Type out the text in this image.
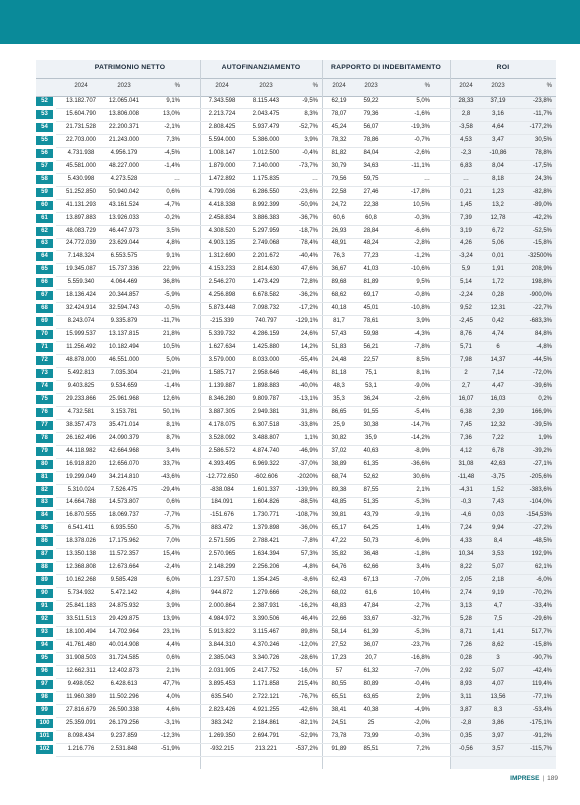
PATRIMONIO NETTO	AUTOFINANZIAMENTO	RAPPORTO DI INDEBITAMENTO	ROI
2024	2023	%	2024	2023	%	2024	2023	%	2024	2023	%
52	13.182.707	12.065.041	9,1%	7.343.598	8.115.443	-9,5%	62,19	59,22	5,0%	28,33	37,19	-23,8%
53	15.604.790	13.806.008	13,0%	2.213.724	2.043.475	8,3%	78,07	79,36	-1,6%	2,8	3,16	-11,7%
54	21.731.528	22.200.371	-2,1%	2.808.425	5.937.479	-52,7%	45,24	56,07	-19,3%	-3,58	4,64	-177,2%
55	22.703.000	21.243.000	7,3%	5.594.000	5.386.000	3,9%	78,32	78,86	-0,7%	4,53	3,47	30,5%
56	4.731.938	4.956.179	-4,5%	1.008.147	1.012.500	-0,4%	81,82	84,04	-2,6%	-2,3	-10,86	78,8%
57	45.581.000	48.227.000	-1,4%	1.879.000	7.140.000	-73,7%	30,79	34,63	-11,1%	6,83	8,04	-17,5%
58	5.430.998	4.273.528	…	1.472.892	1.175.835	…	79,56	59,75	…	…	8,18	24,3%
59	51.252.850	50.940.042	0,6%	4.799.036	6.286.550	-23,6%	22,58	27,46	-17,8%	0,21	1,23	-82,8%
60	41.131.293	43.161.524	-4,7%	4.418.338	8.992.399	-50,9%	24,72	22,38	10,5%	1,45	13,2	-89,0%
61	13.897.883	13.926.033	-0,2%	2.458.834	3.886.383	-36,7%	60,6	60,8	-0,3%	7,39	12,78	-42,2%
62	48.083.729	46.447.973	3,5%	4.308.520	5.297.959	-18,7%	26,93	28,84	-6,6%	3,19	6,72	-52,5%
63	24.772.039	23.629.044	4,8%	4.903.135	2.749.068	78,4%	48,91	48,24	-2,8%	4,26	5,06	-15,8%
64	7.148.324	6.553.575	9,1%	1.312.690	2.201.672	-40,4%	76,3	77,23	-1,2%	-3,24	0,01	-32500%
65	19.345.087	15.737.336	22,9%	4.153.233	2.814.630	47,6%	36,67	41,03	-10,6%	5,9	1,91	208,9%
66	5.559.340	4.064.469	36,8%	2.546.270	1.473.429	72,8%	89,68	81,89	9,5%	5,14	1,72	198,8%
67	18.136.424	20.344.857	-5,9%	4.256.898	6.678.582	-36,2%	68,62	69,17	-0,8%	-2,24	0,28	-900,0%
68	32.424.914	32.594.743	-0,5%	5.873.448	7.098.732	-17,2%	40,18	45,01	-10,8%	9,52	12,31	-22,7%
69	8.243.074	9.335.879	-11,7%	-215.339	740.797	-129,1%	81,7	78,61	3,9%	-2,45	0,42	-683,3%
70	15.999.537	13.137.815	21,8%	5.339.732	4.286.159	24,6%	57,43	59,98	-4,3%	8,76	4,74	84,8%
71	11.256.492	10.182.494	10,5%	1.627.634	1.425.880	14,2%	51,83	56,21	-7,8%	5,71	6	-4,8%
72	48.878.000	46.551.000	5,0%	3.579.000	8.033.000	-55,4%	24,48	22,57	8,5%	7,98	14,37	-44,5%
73	5.492.813	7.035.304	-21,9%	1.585.717	2.958.646	-46,4%	81,18	75,1	8,1%	2	7,14	-72,0%
74	9.403.825	9.534.659	-1,4%	1.139.887	1.898.883	-40,0%	48,3	53,1	-9,0%	2,7	4,47	-39,6%
75	29.233.866	25.961.968	12,6%	8.346.280	9.809.787	-13,1%	35,3	36,24	-2,6%	16,07	16,03	0,2%
76	4.732.581	3.153.781	50,1%	3.887.305	2.949.381	31,8%	86,65	91,55	-5,4%	6,38	2,39	166,9%
77	38.357.473	35.471.014	8,1%	4.178.075	6.307.518	-33,8%	25,9	30,38	-14,7%	7,45	12,32	-39,5%
78	26.162.496	24.090.379	8,7%	3.528.092	3.488.807	1,1%	30,82	35,9	-14,2%	7,36	7,22	1,9%
79	44.118.982	42.664.968	3,4%	2.586.572	4.874.740	-46,9%	37,02	40,63	-8,9%	4,12	6,78	-39,2%
80	16.918.820	12.656.070	33,7%	4.393.495	6.969.322	-37,0%	38,89	61,35	-36,6%	31,08	42,63	-27,1%
81	19.299.049	34.214.810	-43,6%	-12.772.650	-602.606	-2020%	68,74	52,62	30,6%	-11,48	-3,75	-205,6%
82	5.310.024	7.526.475	-29,4%	-838.084	1.601.337	-139,9%	89,38	87,55	2,1%	-4,31	1,52	-383,6%
83	14.664.788	14.573.807	0,6%	184.091	1.604.826	-88,5%	48,85	51,35	-5,3%	-0,3	7,43	-104,0%
84	16.870.555	18.069.737	-7,7%	-151.676	1.730.771	-108,7%	39,81	43,79	-9,1%	-4,6	0,03	-154,53%
85	6.541.411	6.935.550	-5,7%	883.472	1.379.898	-36,0%	65,17	64,25	1,4%	7,24	9,94	-27,2%
86	18.378.026	17.175.962	7,0%	2.571.595	2.788.421	-7,8%	47,22	50,73	-6,9%	4,33	8,4	-48,5%
87	13.350.138	11.572.357	15,4%	2.570.965	1.634.394	57,3%	35,82	36,48	-1,8%	10,34	3,53	192,9%
88	12.368.808	12.673.664	-2,4%	2.148.299	2.256.206	-4,8%	64,76	62,66	3,4%	8,22	5,07	62,1%
89	10.162.268	9.585.428	6,0%	1.237.570	1.354.245	-8,6%	62,43	67,13	-7,0%	2,05	2,18	-6,0%
90	5.734.932	5.472.142	4,8%	944.872	1.279.666	-26,2%	68,02	61,6	10,4%	2,74	9,19	-70,2%
91	25.841.183	24.875.932	3,9%	2.000.864	2.387.931	-16,2%	48,83	47,84	-2,7%	3,13	4,7	-33,4%
92	33.511.513	29.429.875	13,9%	4.984.972	3.390.506	46,4%	22,66	33,67	-32,7%	5,28	7,5	-29,6%
93	18.100.494	14.702.964	23,1%	5.913.822	3.115.467	89,8%	58,14	61,39	-5,3%	8,71	1,41	517,7%
94	41.761.480	40.014.908	4,4%	3.844.310	4.370.246	-12,0%	27,52	36,07	-23,7%	7,26	8,62	-15,8%
95	31.908.503	31.724.585	0,6%	2.385.043	3.340.726	-28,6%	17,23	20,7	-16,8%	0,28	3	-90,7%
96	12.662.311	12.402.873	2,1%	2.031.905	2.417.752	-16,0%	57	61,32	-7,0%	2,92	5,07	-42,4%
97	9.498.052	6.428.613	47,7%	3.895.453	1.171.858	215,4%	80,55	80,89	-0,4%	8,93	4,07	119,4%
98	11.960.389	11.502.296	4,0%	635.540	2.722.121	-76,7%	65,51	63,65	2,9%	3,11	13,56	-77,1%
99	27.816.679	26.590.338	4,6%	2.823.426	4.921.255	-42,6%	38,41	40,38	-4,9%	3,87	8,3	-53,4%
100	25.359.091	26.179.256	-3,1%	383.242	2.184.861	-82,1%	24,51	25	-2,0%	-2,8	3,86	-175,1%
101	8.098.434	9.237.859	-12,3%	1.269.350	2.694.791	-52,9%	73,78	73,99	-0,3%	0,35	3,97	-91,2%
102	1.216.776	2.531.848	-51,9%	-932.215	213.221	-537,2%	91,89	85,51	7,2%	-0,56	3,57	-115,7%
IMPRESE | 189
